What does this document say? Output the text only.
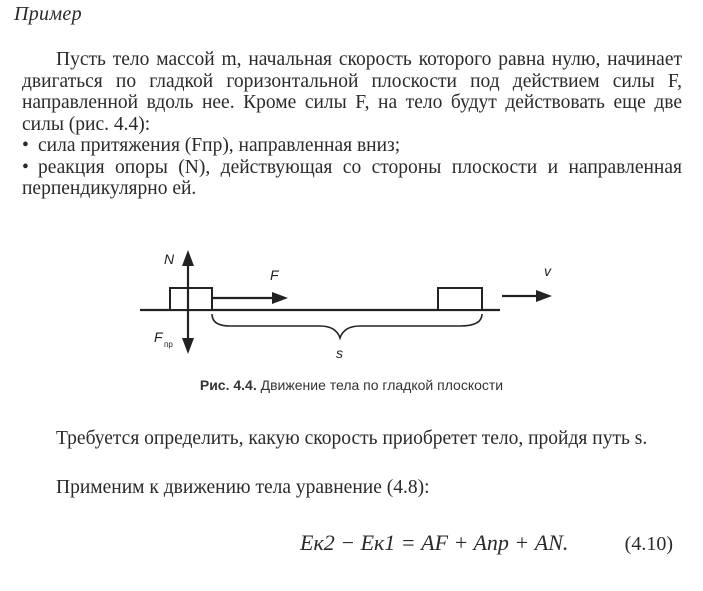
Пример
Пусть тело массой m, начальная скорость которого равна нулю, начинает двигаться по гладкой горизонтальной плоскости под действием силы F, направленной вдоль нее. Кроме силы F, на тело будут действовать еще две силы (рис. 4.4):
• сила притяжения (Fпр), направленная вниз;
• реакция опоры (N), действующая со стороны плоскости и направленная перпендикулярно ей.
N
F
F пр
s
v
Рис. 4.4. Движение тела по гладкой плоскости
Требуется определить, какую скорость приобретет тело, пройдя путь s.
Применим к движению тела уравнение (4.8):
Eк2 − Eк1 = AF + Aпр + AN.	(4.10)
